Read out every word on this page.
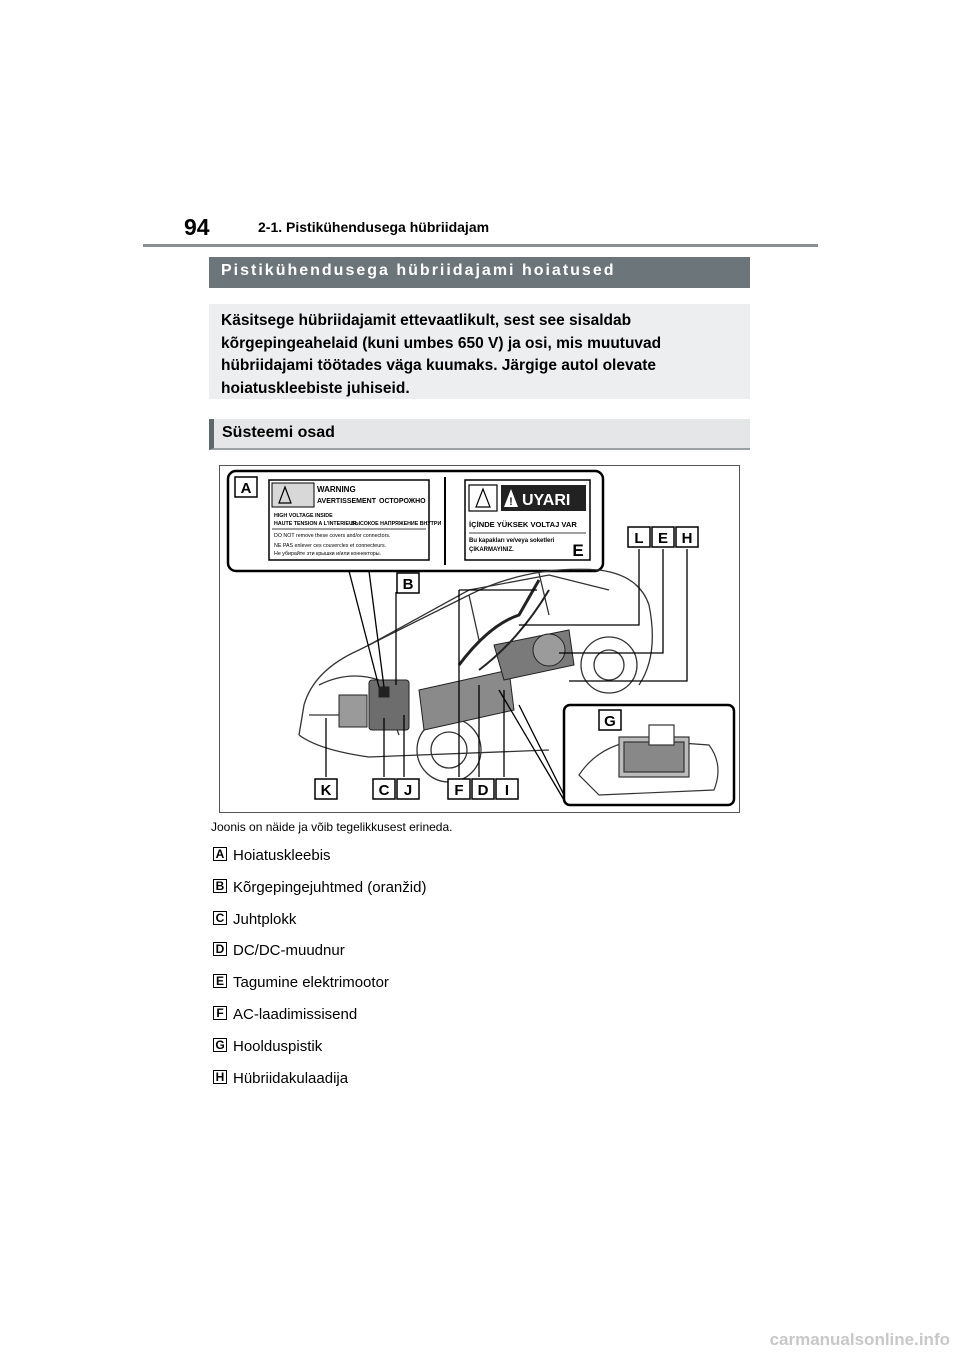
94	2-1. Pistikühendusega hübriidajam
Pistikühendusega hübriidajami hoiatused
Käsitsege hübriidajamit ettevaatlikult, sest see sisaldab kõrgepingeahelaid (kuni umbes 650 V) ja osi, mis muutuvad hübriidajami töötades väga kuumaks. Järgige autol olevate hoiatuskleebiste juhiseid.
Süsteemi osad
WARNING
AVERTISSEMENT ОСТОРОЖНО
HIGH VOLTAGE INSIDE
HAUTE TENSION A L'INTERIEUR
ВЫСОКОЕ НАПРЯЖЕНИЕ ВНУТРИ
DO NOT remove these covers and/or connectors.
NE PAS enlever ces couvercles et connecteurs.
Не убирайте эти крышки и/или коннекторы.
! UYARI
İÇİNDE YÜKSEK VOLTAJ VAR
Bu kapakları ve/veya soketleri
ÇIKARMAYINIZ.
A
B
E
L E H
G
K	C J	F D I
Joonis on näide ja võib tegelikkusest erineda.
A Hoiatuskleebis
B Kõrgepingejuhtmed (oranžid)
C Juhtplokk
D DC/DC-muudnur
E Tagumine elektrimootor
F AC-laadimissisend
G Hoolduspistik
H Hübriidakulaadija
carmanualsonline.info
